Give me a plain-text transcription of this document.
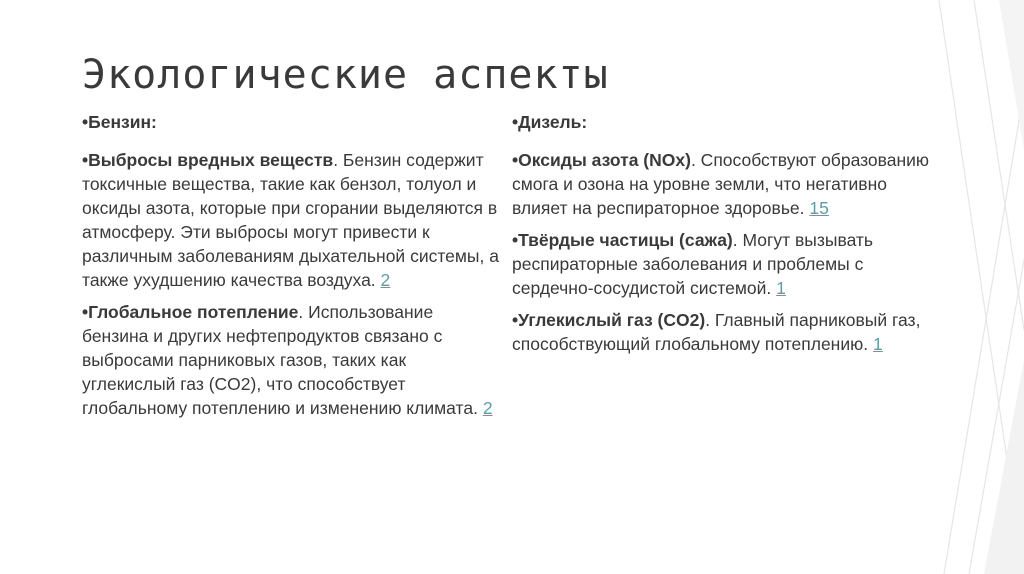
Экологические аспекты

•Бензин:

•Выбросы вредных веществ. Бензин содержит токсичные вещества, такие как бензол, толуол и оксиды азота, которые при сгорании выделяются в атмосферу. Эти выбросы могут привести к различным заболеваниям дыхательной системы, а также ухудшению качества воздуха. 2

•Глобальное потепление. Использование бензина и других нефтепродуктов связано с выбросами парниковых газов, таких как углекислый газ (CO2), что способствует глобальному потеплению и изменению климата. 2

•Дизель:

•Оксиды азота (NOx). Способствуют образованию смога и озона на уровне земли, что негативно влияет на респираторное здоровье. 15

•Твёрдые частицы (сажа). Могут вызывать респираторные заболевания и проблемы с сердечно-сосудистой системой. 1

•Углекислый газ (CO2). Главный парниковый газ, способствующий глобальному потеплению. 1
